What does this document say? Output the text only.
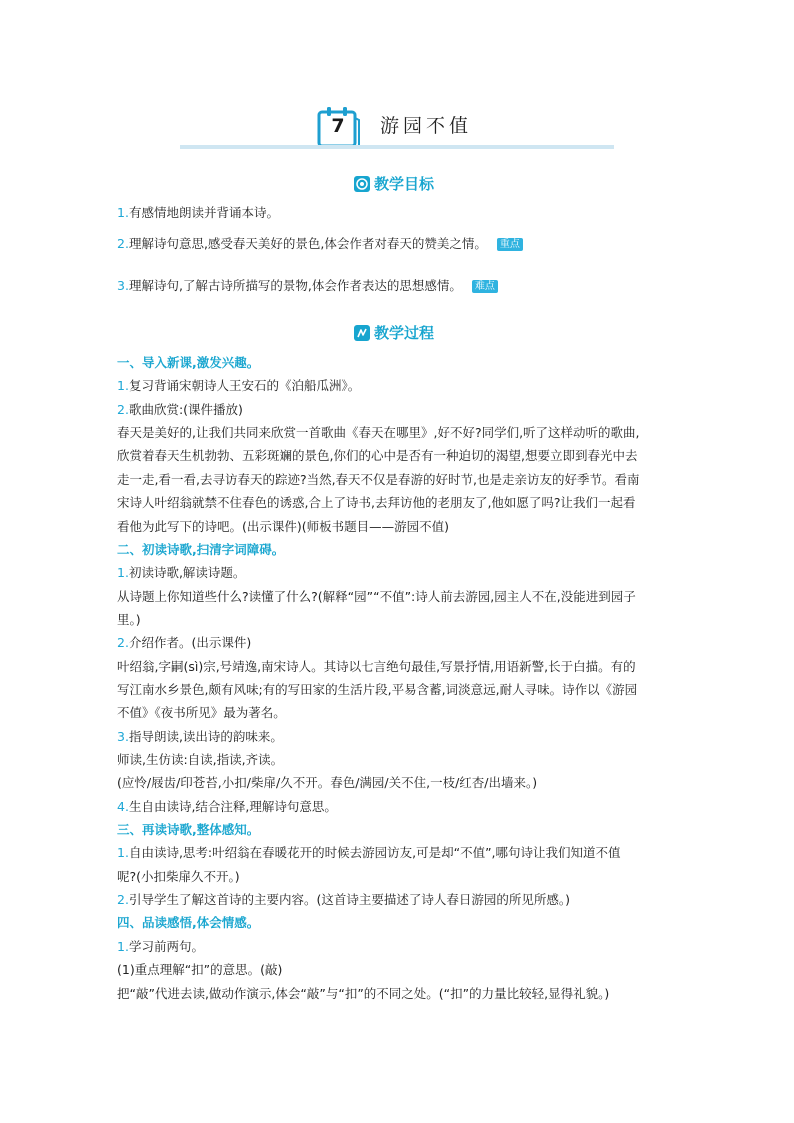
7	游园不值
教学目标
1.有感情地朗读并背诵本诗。
2.理解诗句意思,感受春天美好的景色,体会作者对春天的赞美之情。 重点
3.理解诗句,了解古诗所描写的景物,体会作者表达的思想感情。 难点
教学过程
一、导入新课,激发兴趣。
1.复习背诵宋朝诗人王安石的《泊船瓜洲》。
2.歌曲欣赏:(课件播放)
春天是美好的,让我们共同来欣赏一首歌曲《春天在哪里》,好不好?同学们,听了这样动听的歌曲,
欣赏着春天生机勃勃、五彩斑斓的景色,你们的心中是否有一种迫切的渴望,想要立即到春光中去
走一走,看一看,去寻访春天的踪迹?当然,春天不仅是春游的好时节,也是走亲访友的好季节。看南
宋诗人叶绍翁就禁不住春色的诱惑,合上了诗书,去拜访他的老朋友了,他如愿了吗?让我们一起看
看他为此写下的诗吧。(出示课件)(师板书题目——游园不值)
二、初读诗歌,扫清字词障碍。
1.初读诗歌,解读诗题。
从诗题上你知道些什么?读懂了什么?(解释“园”“不值”:诗人前去游园,园主人不在,没能进到园子
里。)
2.介绍作者。(出示课件)
叶绍翁,字嗣(sì)宗,号靖逸,南宋诗人。其诗以七言绝句最佳,写景抒情,用语新警,长于白描。有的
写江南水乡景色,颇有风味;有的写田家的生活片段,平易含蓄,词淡意远,耐人寻味。诗作以《游园
不值》《夜书所见》最为著名。
3.指导朗读,读出诗的韵味来。
师读,生仿读:自读,指读,齐读。
(应怜/屐齿/印苍苔,小扣/柴扉/久不开。春色/满园/关不住,一枝/红杏/出墙来。)
4.生自由读诗,结合注释,理解诗句意思。
三、再读诗歌,整体感知。
1.自由读诗,思考:叶绍翁在春暖花开的时候去游园访友,可是却“不值”,哪句诗让我们知道不值
呢?(小扣柴扉久不开。)
2.引导学生了解这首诗的主要内容。(这首诗主要描述了诗人春日游园的所见所感。)
四、品读感悟,体会情感。
1.学习前两句。
(1)重点理解“扣”的意思。(敲)
把“敲”代进去读,做动作演示,体会“敲”与“扣”的不同之处。(“扣”的力量比较轻,显得礼貌。)
